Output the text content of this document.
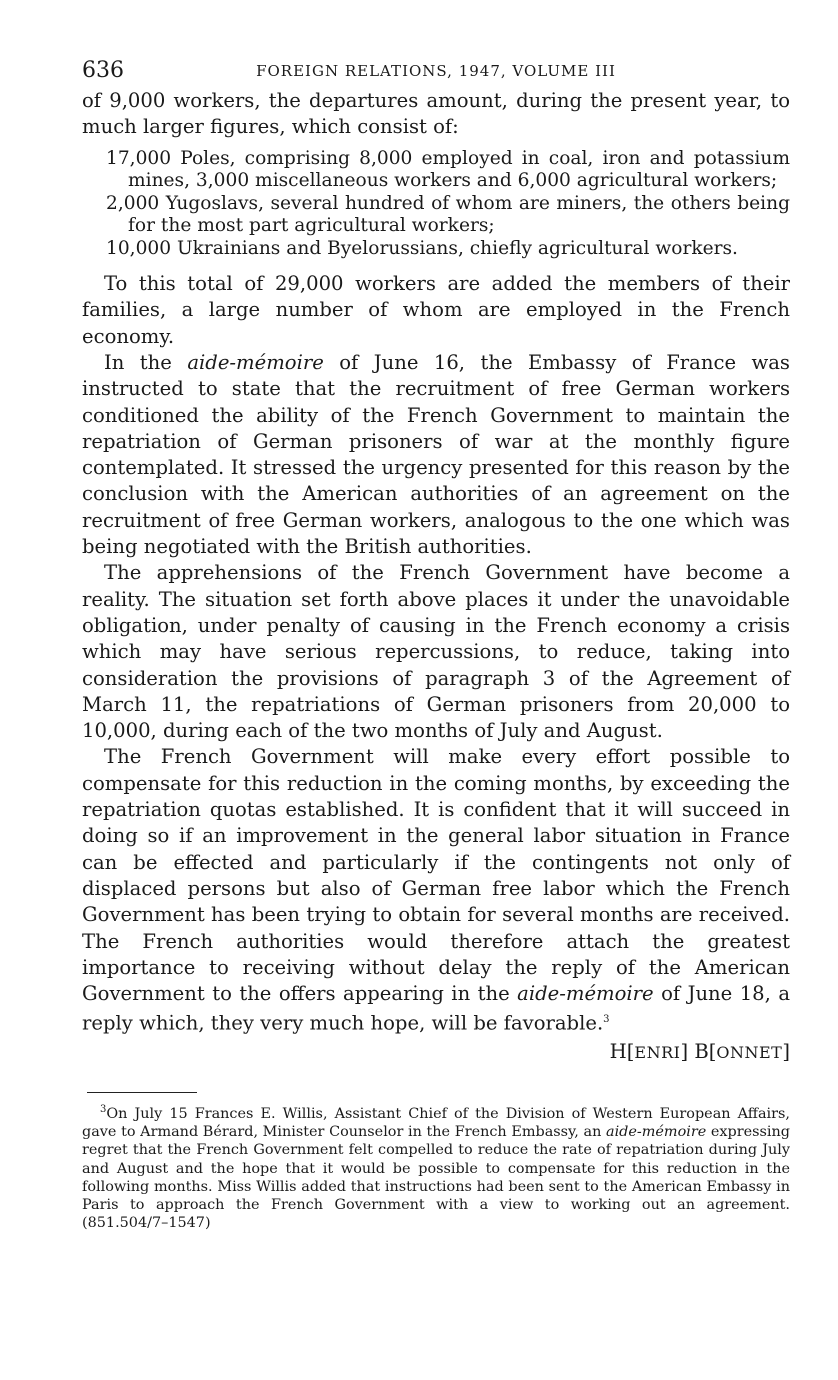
636	FOREIGN RELATIONS, 1947, VOLUME III

of 9,000 workers, the departures amount, during the present year, to much larger figures, which consist of:

17,000 Poles, comprising 8,000 employed in coal, iron and potassium mines, 3,000 miscellaneous workers and 6,000 agricultural workers;
2,000 Yugoslavs, several hundred of whom are miners, the others being for the most part agricultural workers;
10,000 Ukrainians and Byelorussians, chiefly agricultural workers.

To this total of 29,000 workers are added the members of their families, a large number of whom are employed in the French economy.

In the aide-mémoire of June 16, the Embassy of France was instructed to state that the recruitment of free German workers conditioned the ability of the French Government to maintain the repatriation of German prisoners of war at the monthly figure contemplated. It stressed the urgency presented for this reason by the conclusion with the American authorities of an agreement on the recruitment of free German workers, analogous to the one which was being negotiated with the British authorities.

The apprehensions of the French Government have become a reality. The situation set forth above places it under the unavoidable obligation, under penalty of causing in the French economy a crisis which may have serious repercussions, to reduce, taking into consideration the provisions of paragraph 3 of the Agreement of March 11, the repatriations of German prisoners from 20,000 to 10,000, during each of the two months of July and August.

The French Government will make every effort possible to compensate for this reduction in the coming months, by exceeding the repatriation quotas established. It is confident that it will succeed in doing so if an improvement in the general labor situation in France can be effected and particularly if the contingents not only of displaced persons but also of German free labor which the French Government has been trying to obtain for several months are received. The French authorities would therefore attach the greatest importance to receiving without delay the reply of the American Government to the offers appearing in the aide-mémoire of June 18, a reply which, they very much hope, will be favorable.$^3$

H[ENRI] B[ONNET]
$^3$On July 15 Frances E. Willis, Assistant Chief of the Division of Western European Affairs, gave to Armand Bérard, Minister Counselor in the French Embassy, an aide-mémoire expressing regret that the French Government felt compelled to reduce the rate of repatriation during July and August and the hope that it would be possible to compensate for this reduction in the following months. Miss Willis added that instructions had been sent to the American Embassy in Paris to approach the French Government with a view to working out an agreement. (851.504/7–1547)
